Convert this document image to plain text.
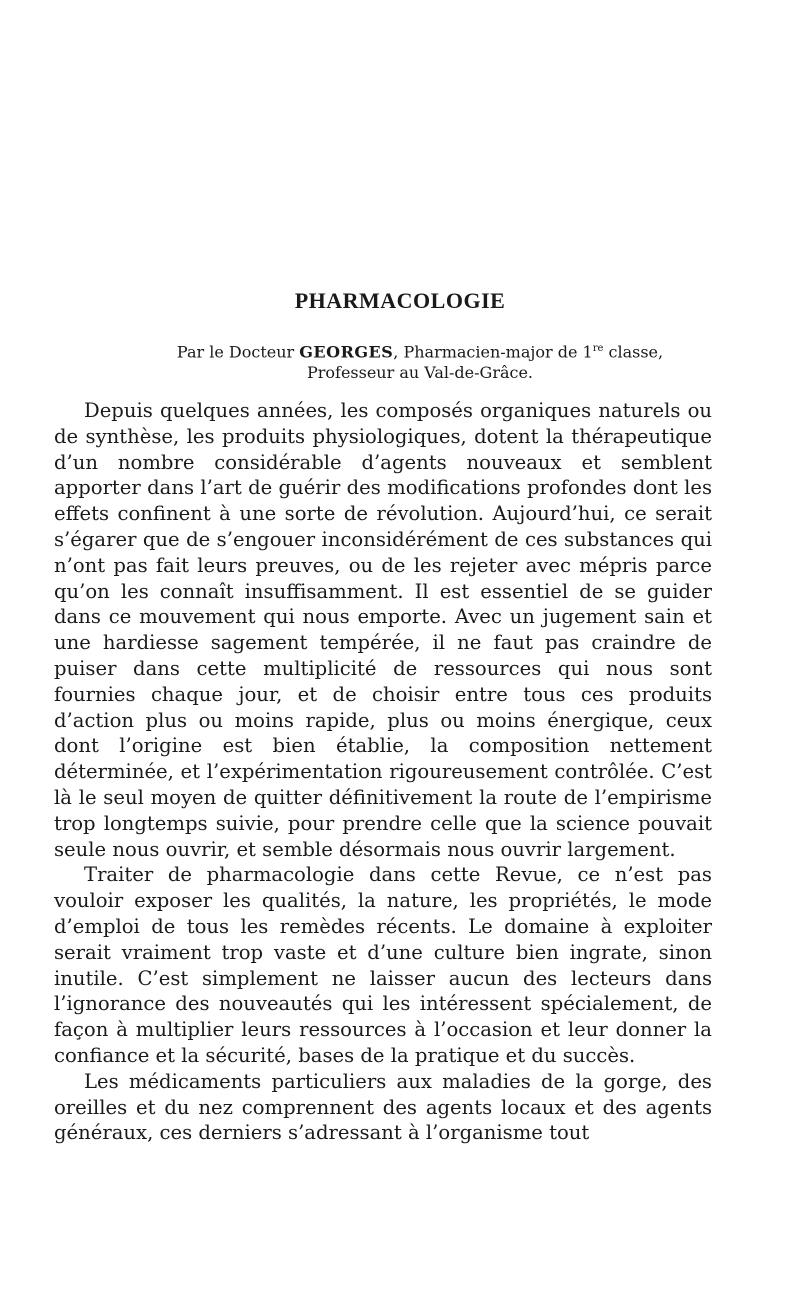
PHARMACOLOGIE
Par le Docteur GEORGES, Pharmacien-major de 1re classe,
Professeur au Val-de-Grâce.

Depuis quelques années, les composés organiques naturels ou de synthèse, les produits physiologiques, dotent la thérapeutique d’un nombre considérable d’agents nouveaux et semblent apporter dans l’art de guérir des modifications profondes dont les effets confinent à une sorte de révolution. Aujourd’hui, ce serait s’égarer que de s’engouer inconsidérément de ces substances qui n’ont pas fait leurs preuves, ou de les rejeter avec mépris parce qu’on les connaît insuffisamment. Il est essentiel de se guider dans ce mouvement qui nous emporte. Avec un jugement sain et une hardiesse sagement tempérée, il ne faut pas craindre de puiser dans cette multiplicité de ressources qui nous sont fournies chaque jour, et de choisir entre tous ces produits d’action plus ou moins rapide, plus ou moins énergique, ceux dont l’origine est bien établie, la composition nettement déterminée, et l’expérimentation rigoureusement contrôlée. C’est là le seul moyen de quitter définitivement la route de l’empirisme trop longtemps suivie, pour prendre celle que la science pouvait seule nous ouvrir, et semble désormais nous ouvrir largement.

Traiter de pharmacologie dans cette Revue, ce n’est pas vouloir exposer les qualités, la nature, les propriétés, le mode d’emploi de tous les remèdes récents. Le domaine à exploiter serait vraiment trop vaste et d’une culture bien ingrate, sinon inutile. C’est simplement ne laisser aucun des lecteurs dans l’ignorance des nouveautés qui les intéressent spécialement, de façon à multiplier leurs ressources à l’occasion et leur donner la confiance et la sécurité, bases de la pratique et du succès.

Les médicaments particuliers aux maladies de la gorge, des oreilles et du nez comprennent des agents locaux et des agents généraux, ces derniers s’adressant à l’organisme tout
